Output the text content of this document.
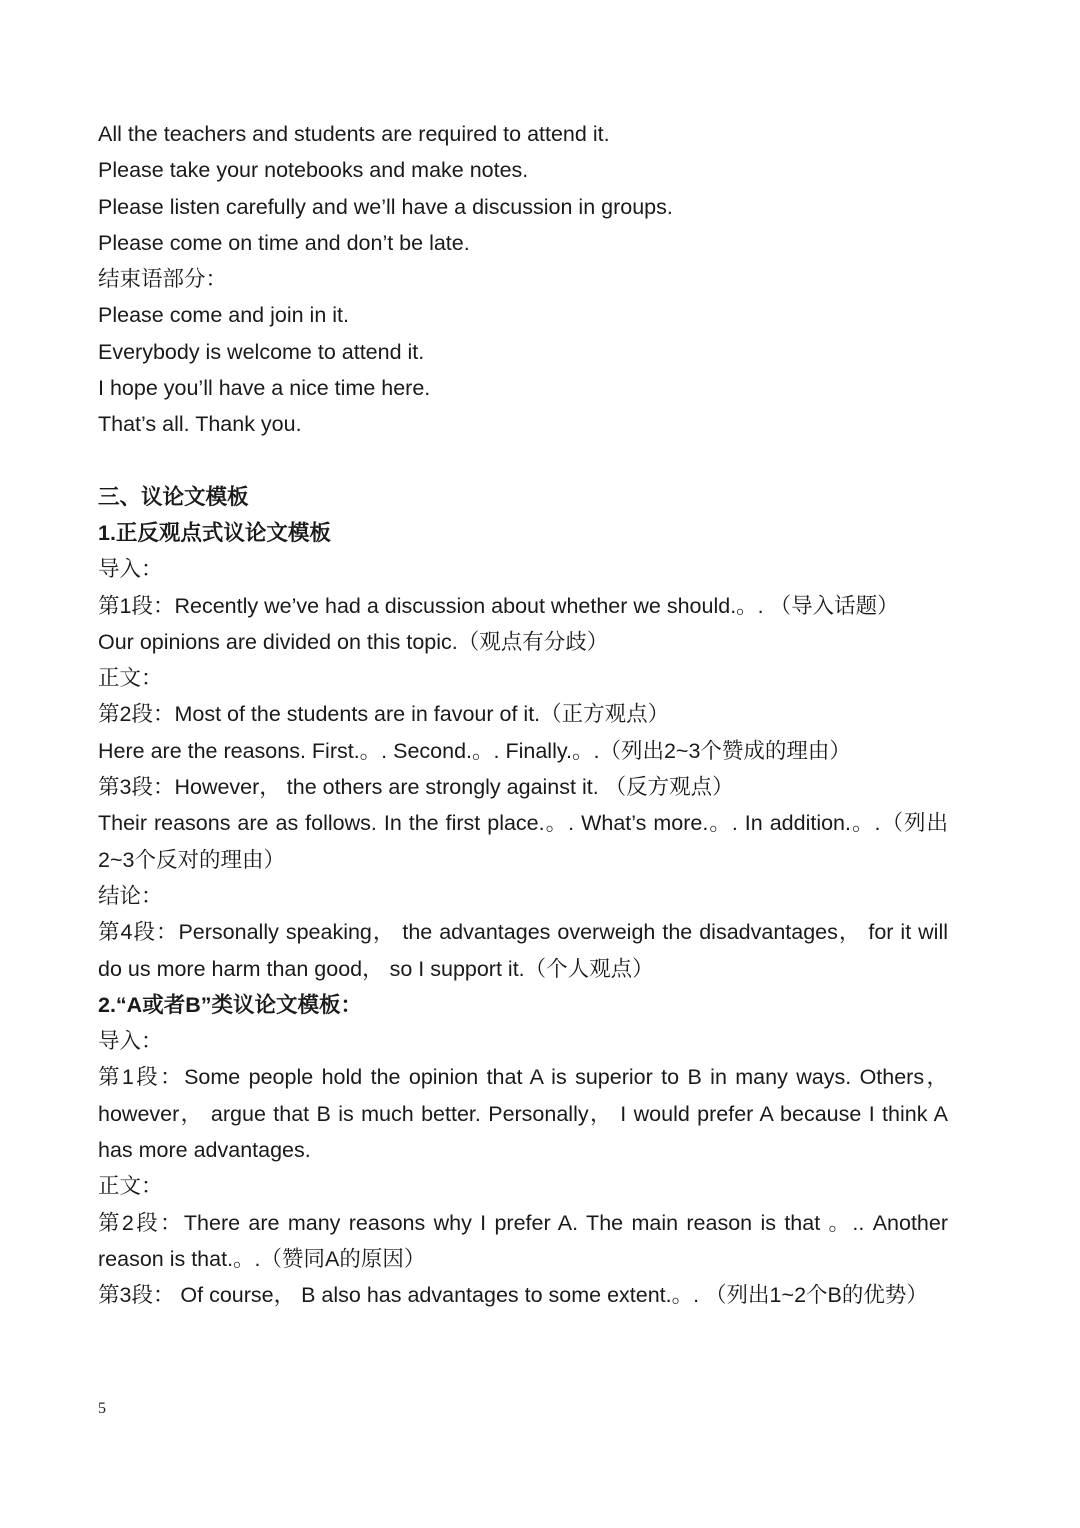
All the teachers and students are required to attend it.
Please take your notebooks and make notes.
Please listen carefully and we’ll have a discussion in groups.
Please come on time and don’t be late.
结束语部分：
Please come and join in it.
Everybody is welcome to attend it.
I hope you’ll have a nice time here.
That’s all. Thank you.
三、议论文模板
1.正反观点式议论文模板
导入：
第1段：Recently we’ve had a discussion about whether we should.。. （导入话题）
Our opinions are divided on this topic.（观点有分歧）
正文：
第2段：Most of the students are in favour of it.（正方观点）
Here are the reasons. First.。. Second.。. Finally.。.（列出2~3个赞成的理由）
第3段：However， the others are strongly against it. （反方观点）
Their reasons are as follows. In the first place.。. What’s more.。. In addition.。.（列出2~3个反对的理由）
结论：
第4段：Personally speaking， the advantages overweigh the disadvantages， for it will do us more harm than good， so I support it.（个人观点）
2.“A或者B”类议论文模板：
导入：
第1段：Some people hold the opinion that A is superior to B in many ways. Others， however， argue that B is much better. Personally， I would prefer A because I think A has more advantages.
正文：
第2段：There are many reasons why I prefer A. The main reason is that 。.. Another reason is that.。.（赞同A的原因）
第3段： Of course， B also has advantages to some extent.。. （列出1~2个B的优势）
5
